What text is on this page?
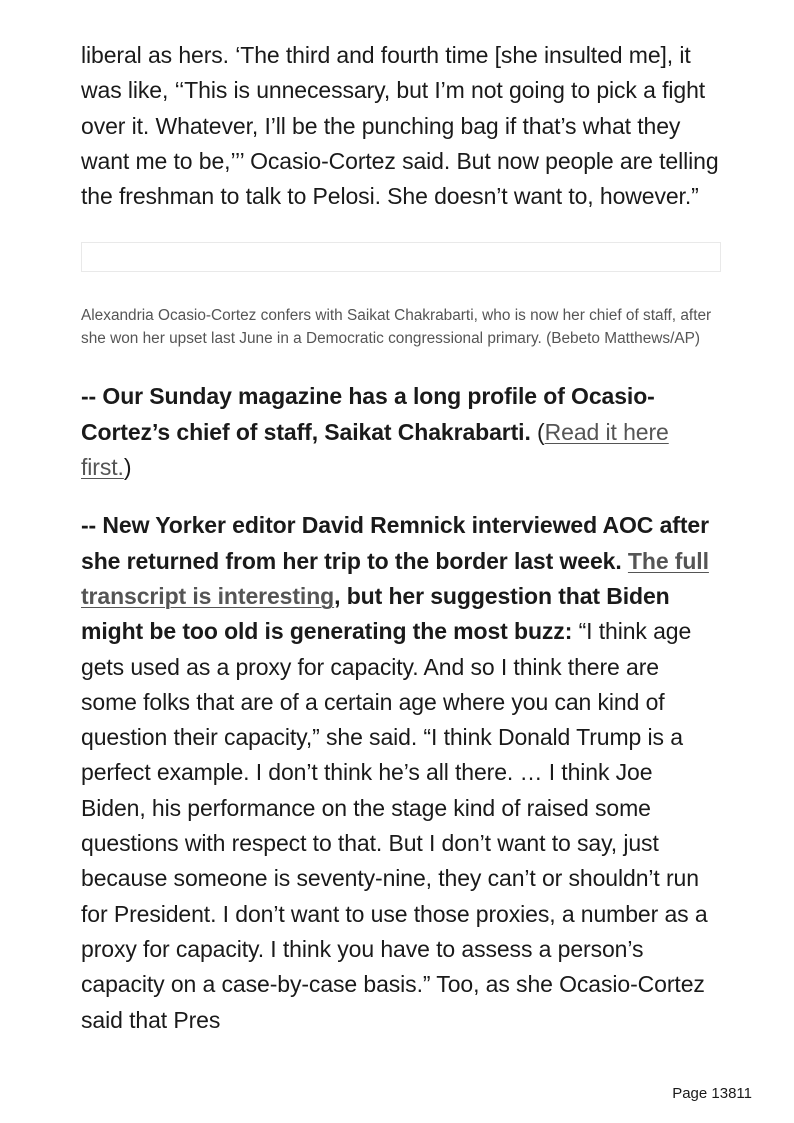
liberal as hers. ‘The third and fourth time [she insulted me], it was like, ‘‘This is unnecessary, but I’m not going to pick a fight over it. Whatever, I’ll be the punching bag if that’s what they want me to be,’’’ Ocasio-Cortez said. But now people are telling the freshman to talk to Pelosi. She doesn’t want to, however.”

Alexandria Ocasio-Cortez confers with Saikat Chakrabarti, who is now her chief of staff, after she won her upset last June in a Democratic congressional primary. (Bebeto Matthews/AP)

-- Our Sunday magazine has a long profile of Ocasio-Cortez’s chief of staff, Saikat Chakrabarti. (Read it here first.)

-- New Yorker editor David Remnick interviewed AOC after she returned from her trip to the border last week. The full transcript is interesting, but her suggestion that Biden might be too old is generating the most buzz: “I think age gets used as a proxy for capacity. And so I think there are some folks that are of a certain age where you can kind of question their capacity,” she said. “I think Donald Trump is a perfect example. I don’t think he’s all there. … I think Joe Biden, his performance on the stage kind of raised some questions with respect to that. But I don’t want to say, just because someone is seventy-nine, they can’t or shouldn’t run for President. I don’t want to use those proxies, a number as a proxy for capacity. I think you have to assess a person’s capacity on a case-by-case basis.” Too, as she Ocasio-Cortez said that Pres

Page 13811
